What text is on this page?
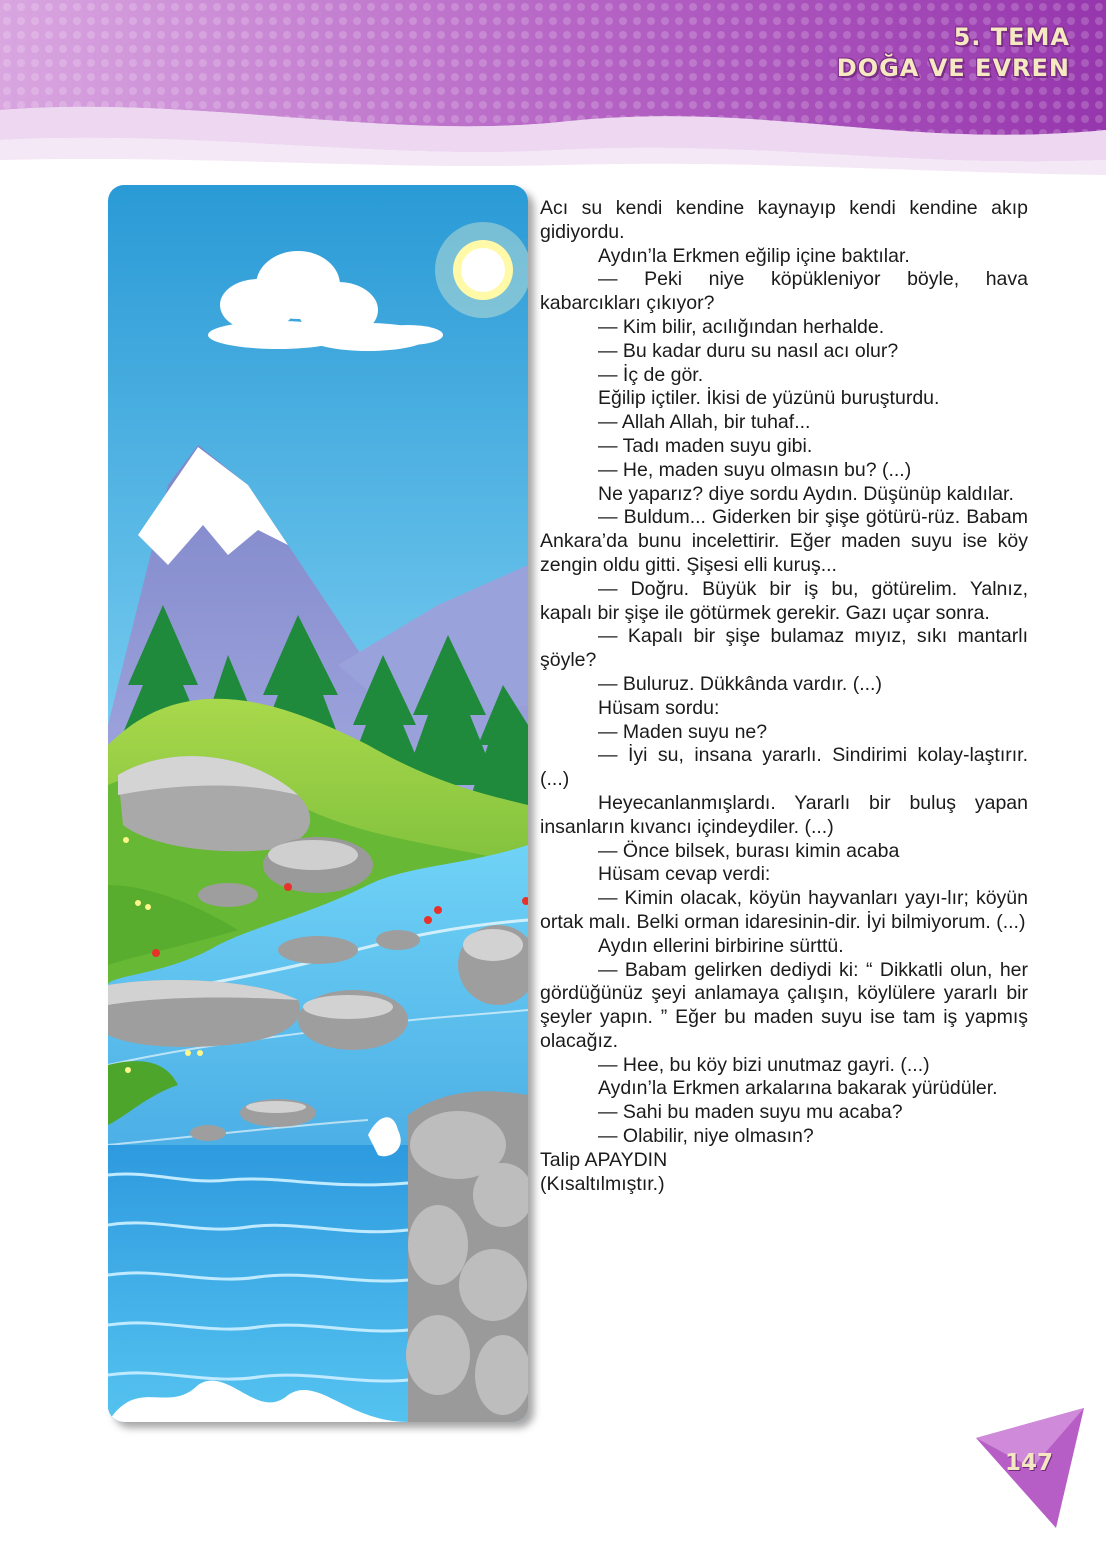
5. TEMA
DOĞA VE EVREN

Acı su kendi kendine kaynayıp kendi kendine akıp gidiyordu.

Aydın’la Erkmen eğilip içine baktılar.

— Peki niye köpükleniyor böyle, hava kabarcıkları çıkıyor?

— Kim bilir, acılığından herhalde.

— Bu kadar duru su nasıl acı olur?

— İç de gör.

Eğilip içtiler. İkisi de yüzünü buruşturdu.

— Allah Allah, bir tuhaf...

— Tadı maden suyu gibi.

— He, maden suyu olmasın bu? (...)

Ne yaparız? diye sordu Aydın. Düşünüp kaldılar.

— Buldum... Giderken bir şişe götürü-rüz. Babam Ankara’da bunu incelettirir. Eğer maden suyu ise köy zengin oldu gitti. Şişesi elli kuruş...

— Doğru. Büyük bir iş bu, götürelim. Yalnız, kapalı bir şişe ile götürmek gerekir. Gazı uçar sonra.

— Kapalı bir şişe bulamaz mıyız, sıkı mantarlı şöyle?

— Buluruz. Dükkânda vardır. (...)

Hüsam sordu:

— Maden suyu ne?

— İyi su, insana yararlı. Sindirimi kolay-laştırır. (...)

Heyecanlanmışlardı. Yararlı bir buluş yapan insanların kıvancı içindeydiler. (...)

— Önce bilsek, burası kimin acaba

Hüsam cevap verdi:

— Kimin olacak, köyün hayvanları yayı-lır; köyün ortak malı. Belki orman idaresinin-dir. İyi bilmiyorum. (...)

Aydın ellerini birbirine sürttü.

— Babam gelirken dediydi ki: “ Dikkatli olun, her gördüğünüz şeyi anlamaya çalışın, köylülere yararlı bir şeyler yapın. ” Eğer bu maden suyu ise tam iş yapmış olacağız.

— Hee, bu köy bizi unutmaz gayri. (...)

Aydın’la Erkmen arkalarına bakarak yürüdüler.

— Sahi bu maden suyu mu acaba?

— Olabilir, niye olmasın?

Talip APAYDIN

(Kısaltılmıştır.)

147
